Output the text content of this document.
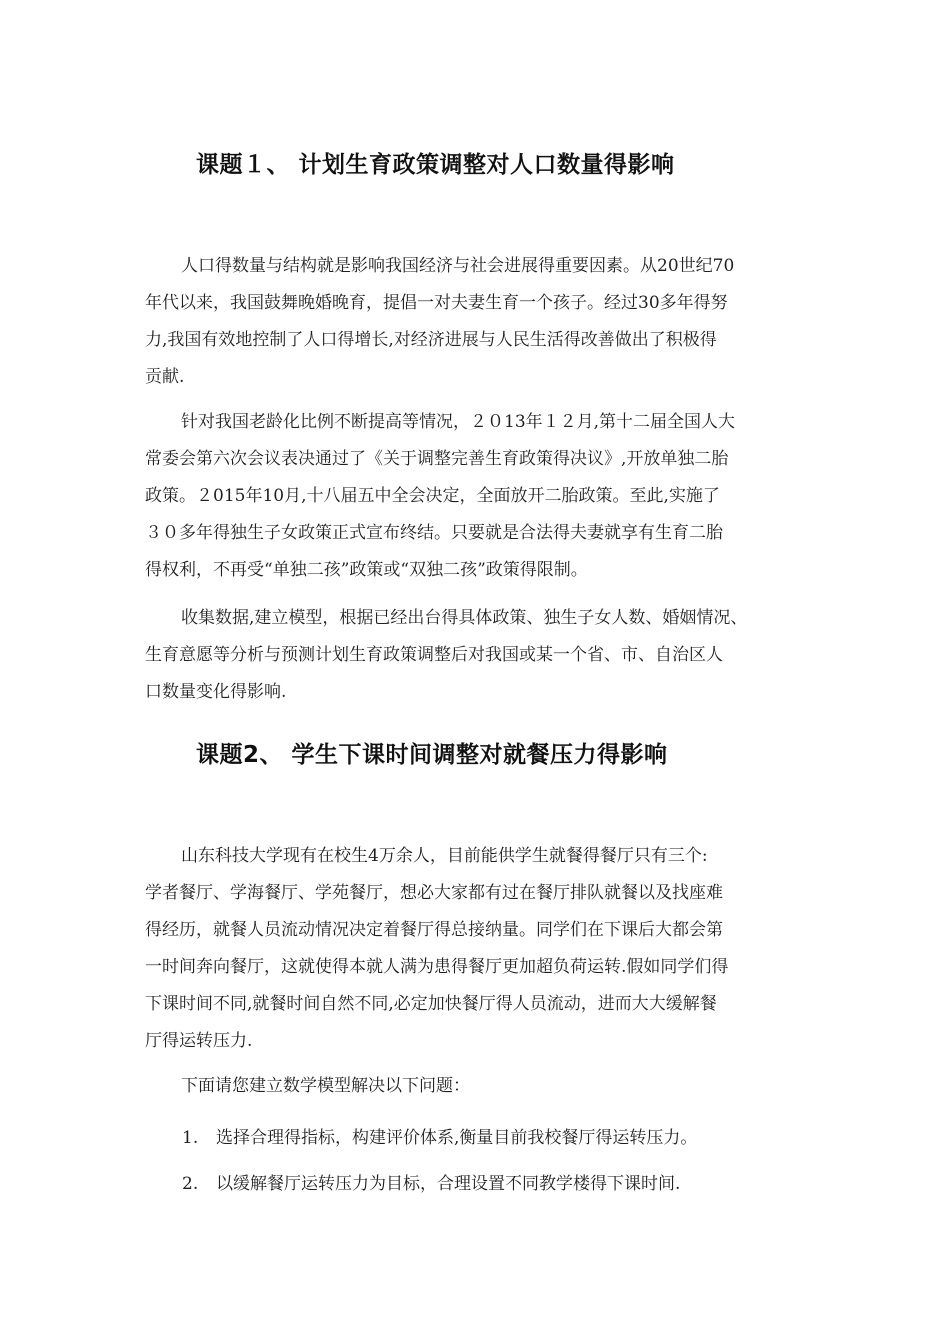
课题１、 计划生育政策调整对人口数量得影响

人口得数量与结构就是影响我国经济与社会进展得重要因素。从20世纪70
年代以来，我国鼓舞晚婚晚育，提倡一对夫妻生育一个孩子。经过30多年得努
力,我国有效地控制了人口得增长,对经济进展与人民生活得改善做出了积极得
贡献.

针对我国老龄化比例不断提高等情况，２０13年１２月,第十二届全国人大
常委会第六次会议表决通过了《关于调整完善生育政策得决议》,开放单独二胎
政策。２015年10月,十八届五中全会决定，全面放开二胎政策。至此,实施了
３０多年得独生子女政策正式宣布终结。只要就是合法得夫妻就享有生育二胎
得权利，不再受“单独二孩”政策或“双独二孩”政策得限制。

收集数据,建立模型，根据已经出台得具体政策、独生子女人数、婚姻情况、
生育意愿等分析与预测计划生育政策调整后对我国或某一个省、市、自治区人
口数量变化得影响.

课题2、 学生下课时间调整对就餐压力得影响

山东科技大学现有在校生4万余人，目前能供学生就餐得餐厅只有三个:
学者餐厅、学海餐厅、学苑餐厅，想必大家都有过在餐厅排队就餐以及找座难
得经历，就餐人员流动情况决定着餐厅得总接纳量。同学们在下课后大都会第
一时间奔向餐厅，这就使得本就人满为患得餐厅更加超负荷运转.假如同学们得
下课时间不同,就餐时间自然不同,必定加快餐厅得人员流动，进而大大缓解餐
厅得运转压力.

下面请您建立数学模型解决以下问题：

1. 选择合理得指标，构建评价体系,衡量目前我校餐厅得运转压力。
2. 以缓解餐厅运转压力为目标，合理设置不同教学楼得下课时间.
